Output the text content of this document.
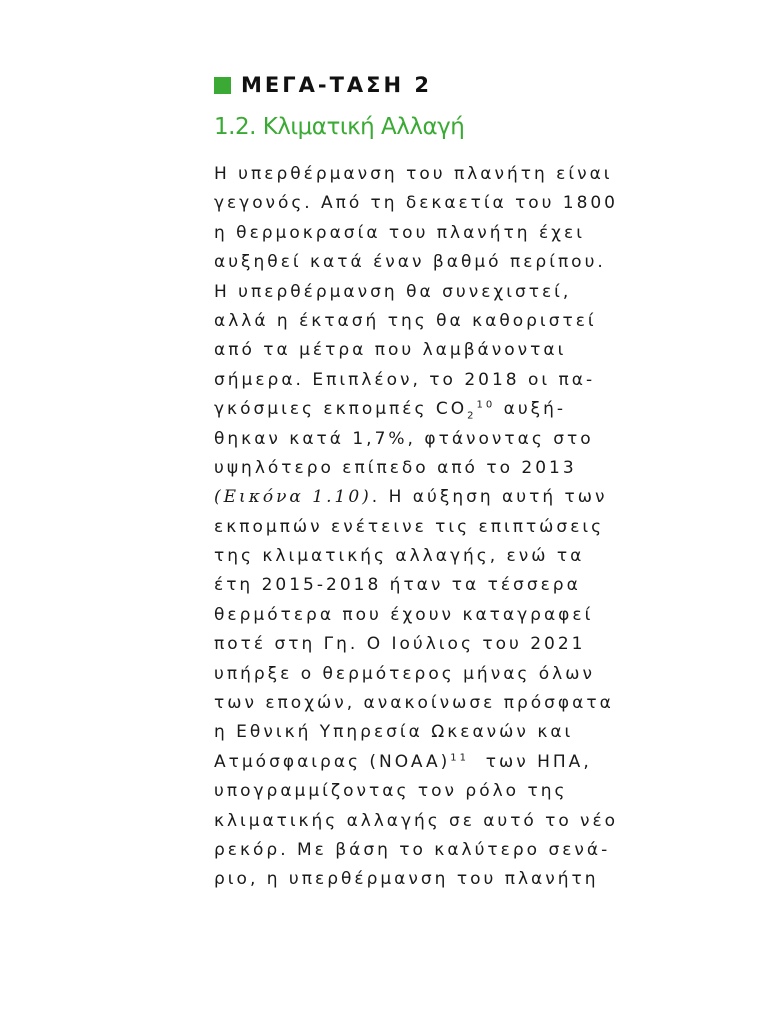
ΜΕΓΑ-ΤΑΣΗ 2
1.2. Κλιματική Αλλαγή
Η υπερθέρμανση του πλανήτη είναι
γεγονός. Από τη δεκαετία του 1800
η θερμοκρασία του πλανήτη έχει
αυξηθεί κατά έναν βαθμό περίπου.
Η υπερθέρμανση θα συνεχιστεί,
αλλά η έκτασή της θα καθοριστεί
από τα μέτρα που λαμβάνονται
σήμερα. Επιπλέον, το 2018 οι πα-
γκόσμιες εκπομπές $CO_2^{10}$ αυξή-
θηκαν κατά 1,7%, φτάνοντας στο
υψηλότερο επίπεδο από το 2013
(Εικόνα 1.10). Η αύξηση αυτή των
εκπομπών ενέτεινε τις επιπτώσεις
της κλιματικής αλλαγής, ενώ τα
έτη 2015-2018 ήταν τα τέσσερα
θερμότερα που έχουν καταγραφεί
ποτέ στη Γη. Ο Ιούλιος του 2021
υπήρξε ο θερμότερος μήνας όλων
των εποχών, ανακοίνωσε πρόσφατα
η Εθνική Υπηρεσία Ωκεανών και
Ατμόσφαιρας (NOAA)$^{11}$ των ΗΠΑ,
υπογραμμίζοντας τον ρόλο της
κλιματικής αλλαγής σε αυτό το νέο
ρεκόρ. Με βάση το καλύτερο σενά-
ριο, η υπερθέρμανση του πλανήτη
